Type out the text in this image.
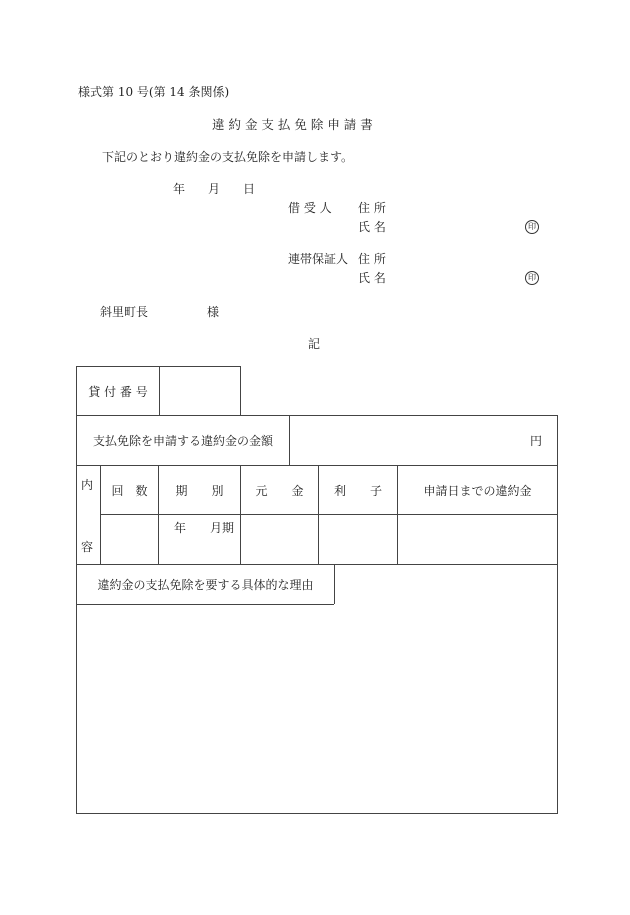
様式第 10 号(第 14 条関係)
違 約 金 支 払 免 除 申 請 書
下記のとおり違約金の支払免除を申請します。
年 月 日
借 受 人 住 所
氏 名	印
連帯保証人 住 所
氏 名	印
斜里町長	様
記
貸 付 番 号
支払免除を申請する違約金の金額	円
内
容
回　数	期　　別	元　　金	利　　子	申請日までの違約金
年　　月期
違約金の支払免除を要する具体的な理由
